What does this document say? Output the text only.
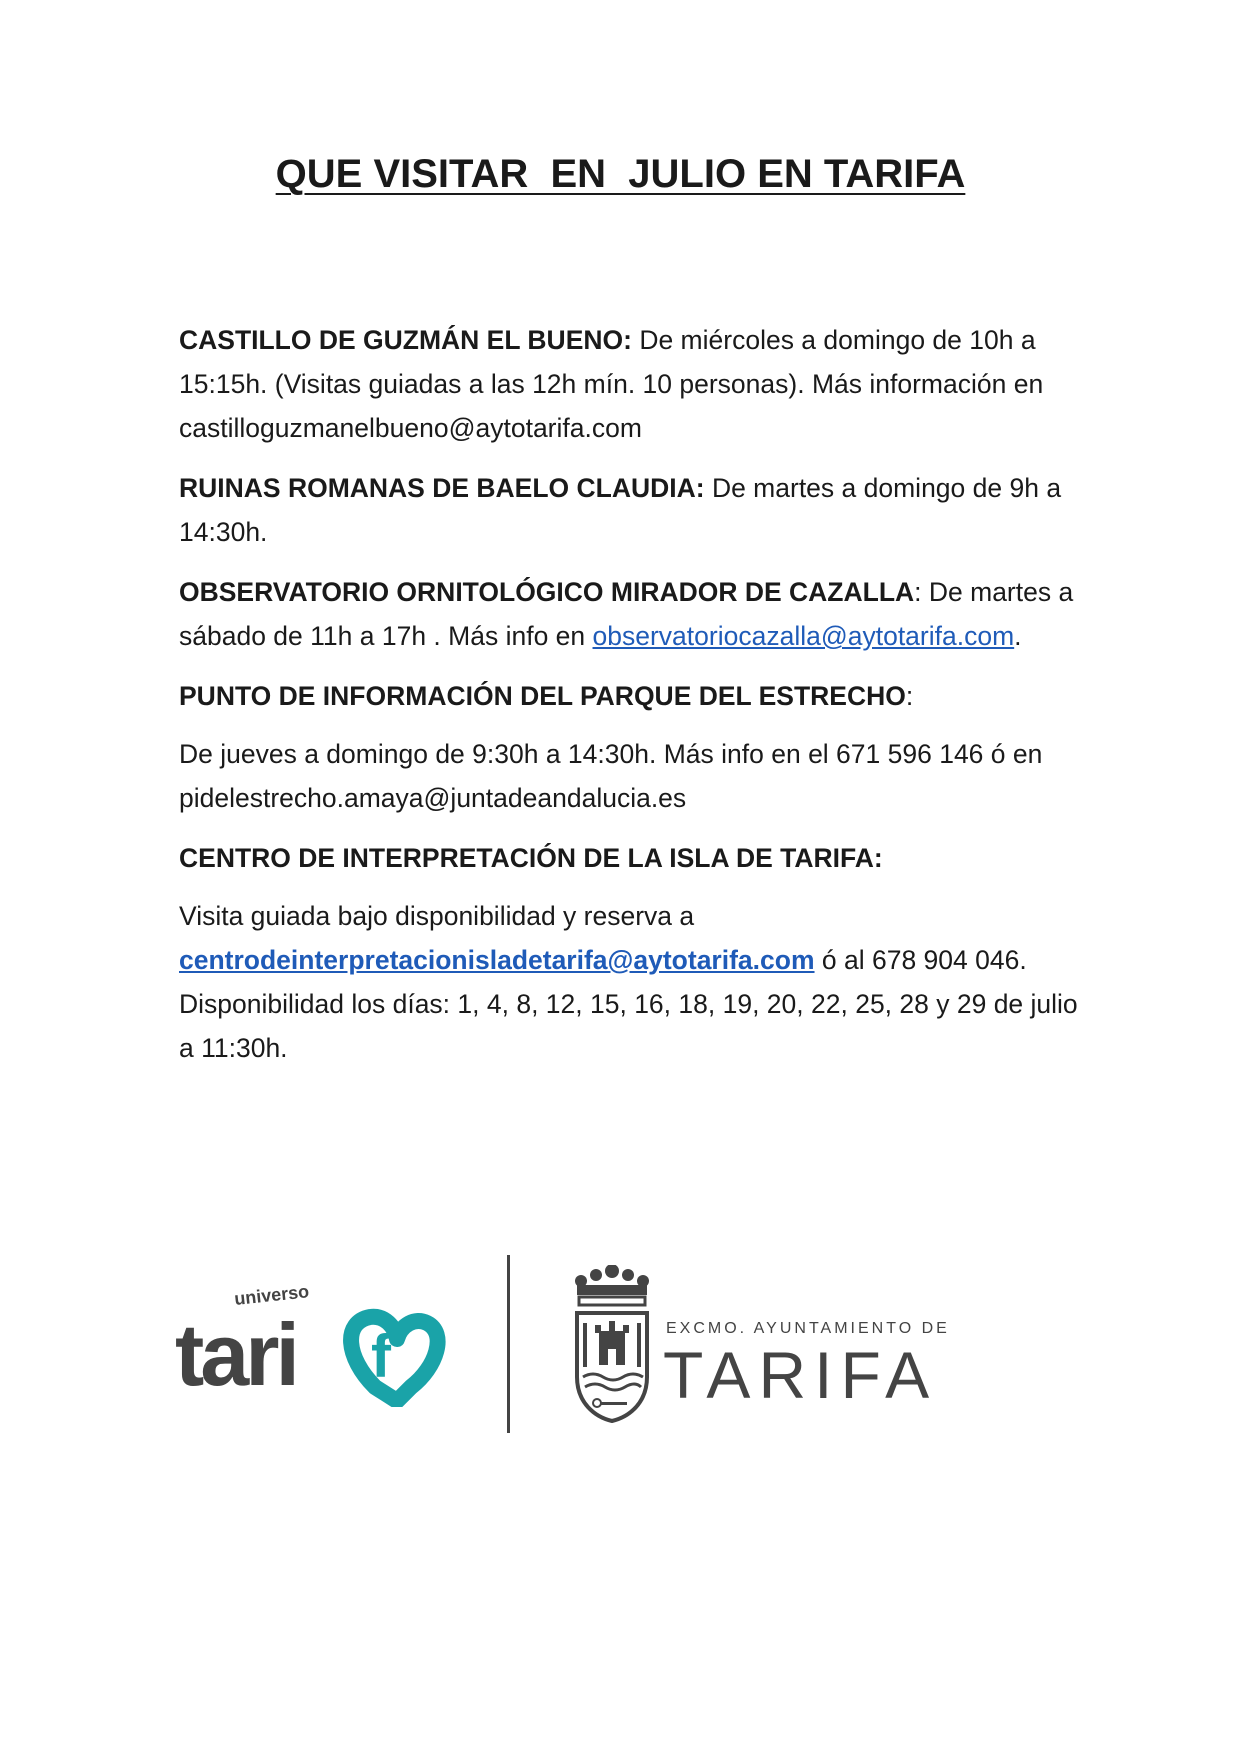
QUE VISITAR  EN  JULIO EN TARIFA

CASTILLO DE GUZMÁN EL BUENO: De miércoles a domingo de 10h a 15:15h. (Visitas guiadas a las 12h mín. 10 personas). Más información en castilloguzmanelbueno@aytotarifa.com

RUINAS ROMANAS DE BAELO CLAUDIA: De martes a domingo de 9h a 14:30h.

OBSERVATORIO ORNITOLÓGICO MIRADOR DE CAZALLA: De martes a sábado de 11h a 17h . Más info en observatoriocazalla@aytotarifa.com.

PUNTO DE INFORMACIÓN DEL PARQUE DEL ESTRECHO:

De jueves a domingo de 9:30h a 14:30h. Más info en el 671 596 146 ó en pidelestrecho.amaya@juntadeandalucia.es

CENTRO DE INTERPRETACIÓN DE LA ISLA DE TARIFA:

Visita guiada bajo disponibilidad y reserva a centrodeinterpretacionisladetarifa@aytotarifa.com ó al 678 904 046. Disponibilidad los días: 1, 4, 8, 12, 15, 16, 18, 19, 20, 22, 25, 28 y 29 de julio a 11:30h.

universo
tari f	EXCMO. AYUNTAMIENTO DE
TARIFA
